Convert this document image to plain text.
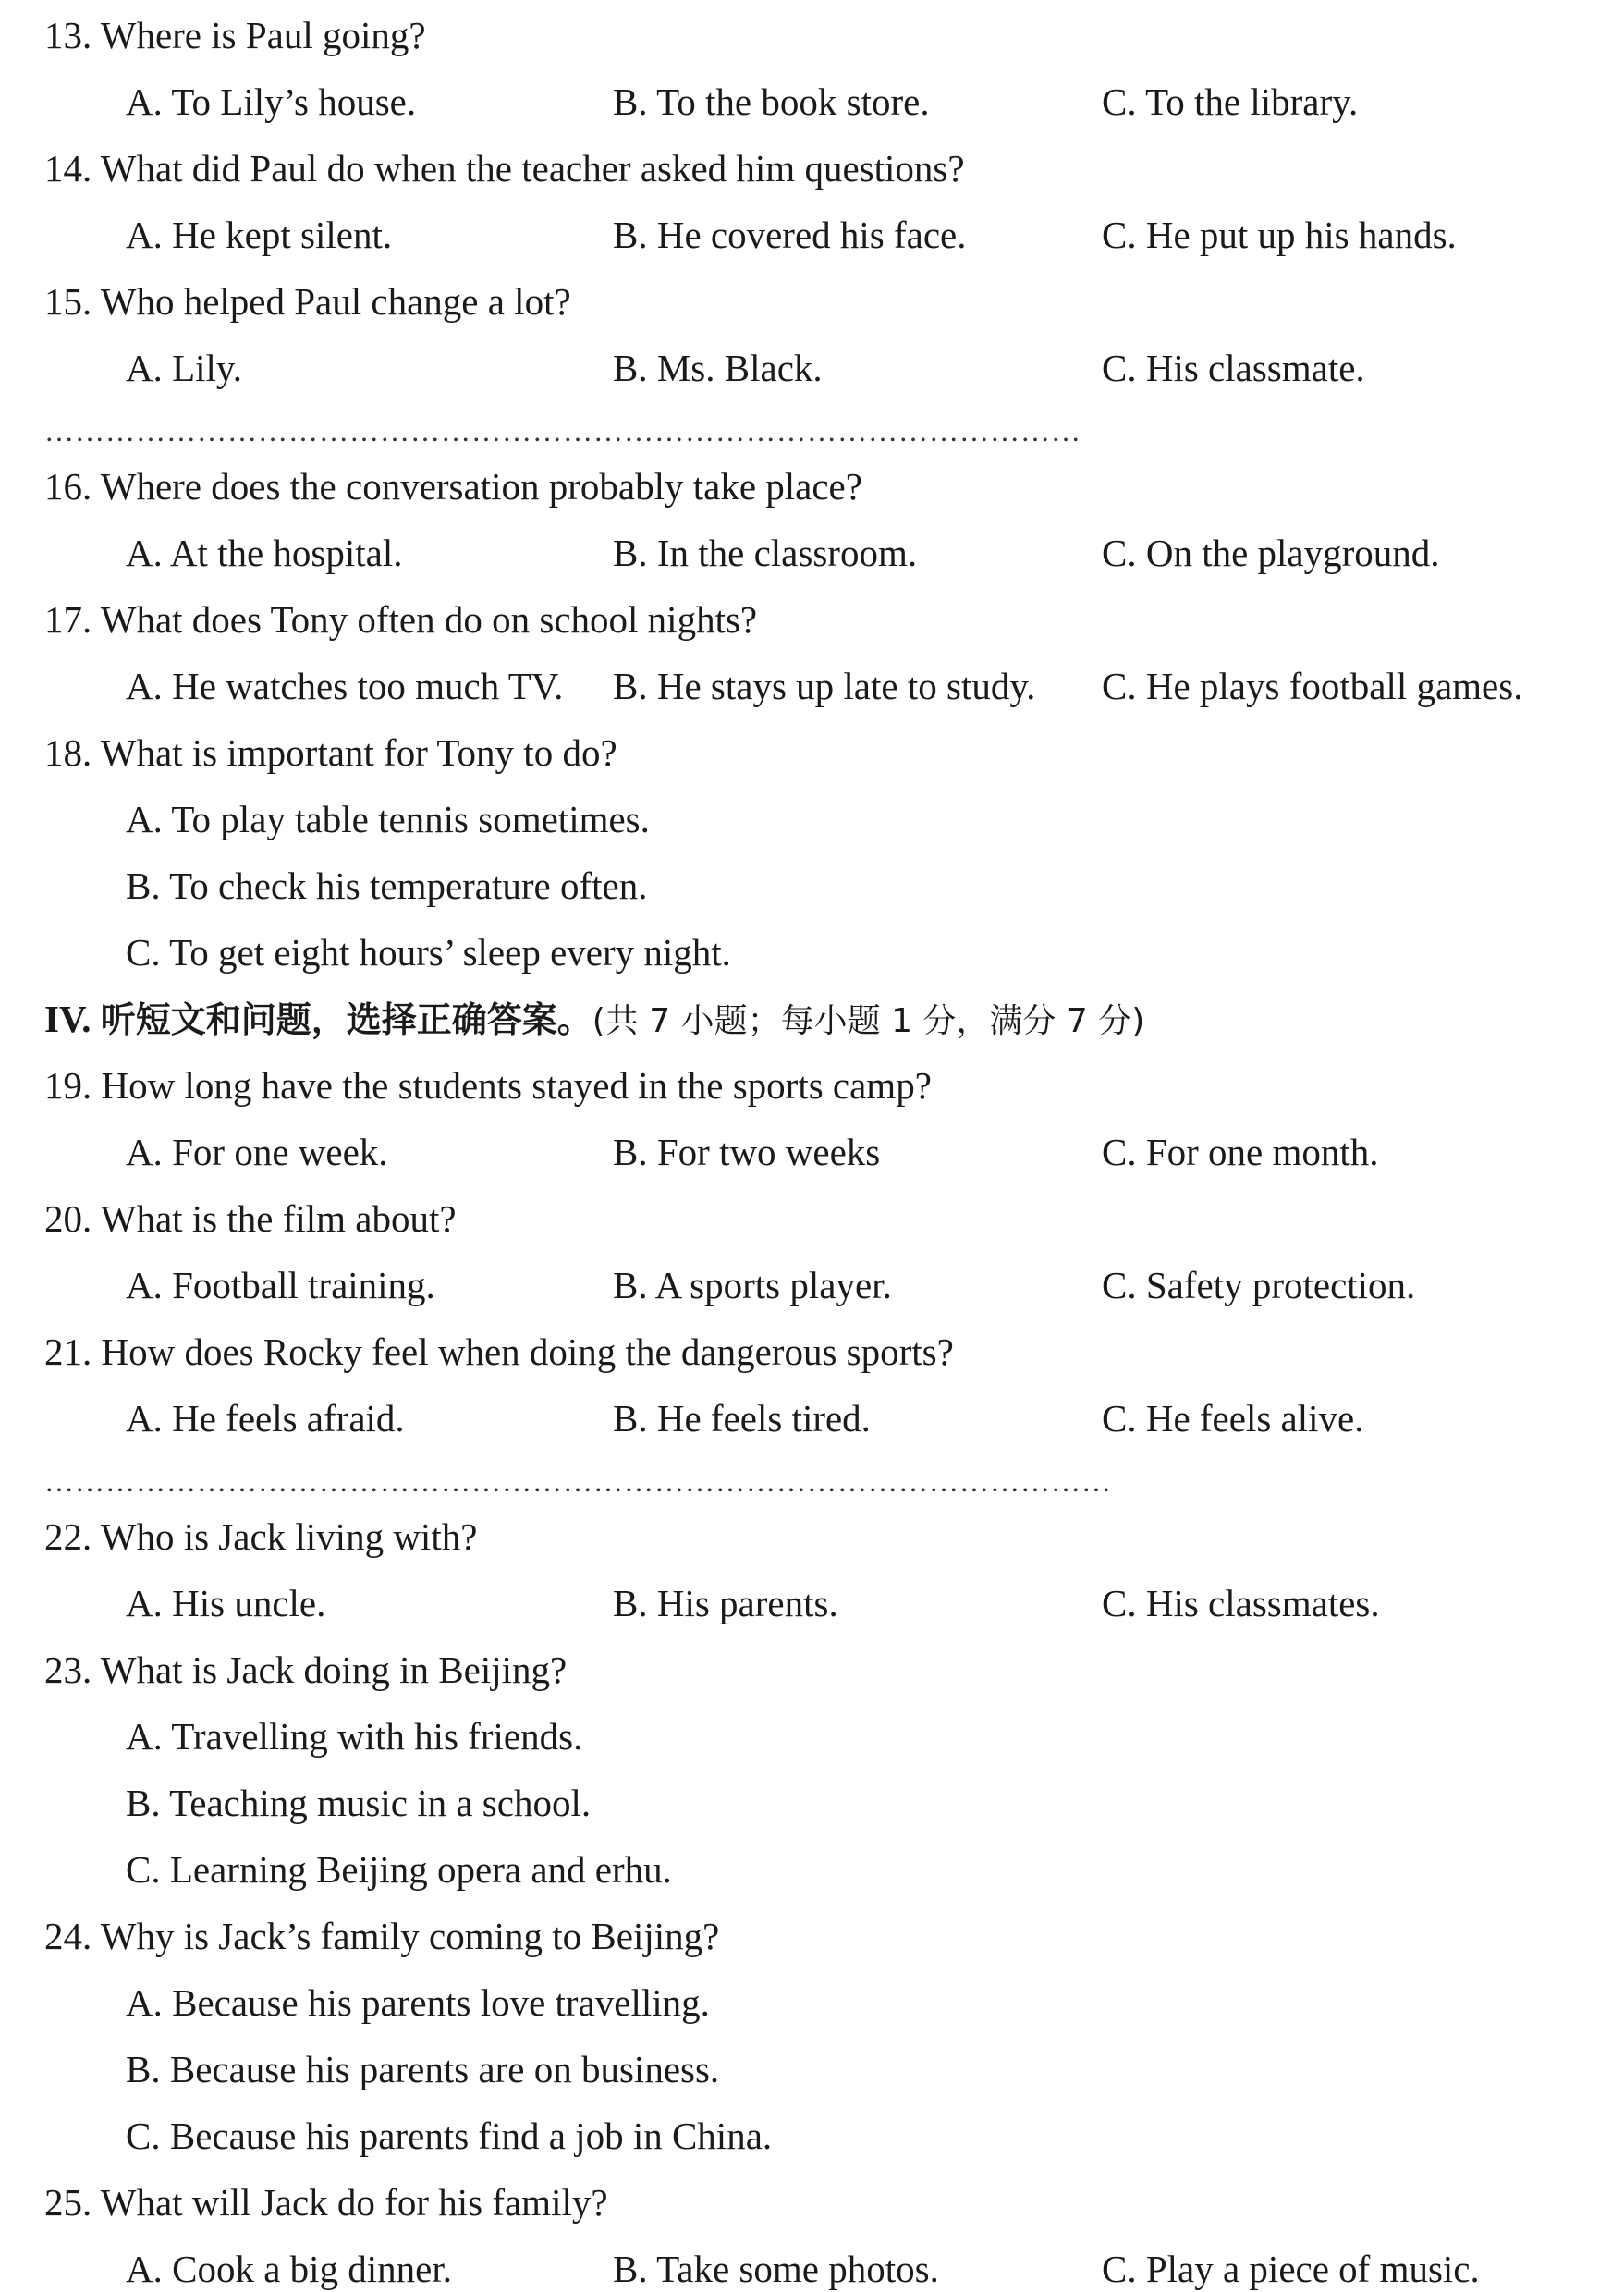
13. Where is Paul going?
A. To Lily’s house.	B. To the book store.	C. To the library.
14. What did Paul do when the teacher asked him questions?
A. He kept silent.	B. He covered his face.	C. He put up his hands.
15. Who helped Paul change a lot?
A. Lily.	B. Ms. Black.	C. His classmate.
…………………………………………………………………………………………
16. Where does the conversation probably take place?
A. At the hospital.	B. In the classroom.	C. On the playground.
17. What does Tony often do on school nights?
A. He watches too much TV. B. He stays up late to study. C. He plays football games.
18. What is important for Tony to do?
A. To play table tennis sometimes.
B. To check his temperature often.
C. To get eight hours’ sleep every night.
IV. 听短文和问题，选择正确答案。(共 7 小题；每小题 1 分，满分 7 分)
19. How long have the students stayed in the sports camp?
A. For one week.	B. For two weeks	C. For one month.
20. What is the film about?
A. Football training.	B. A sports player.	C. Safety protection.
21. How does Rocky feel when doing the dangerous sports?
A. He feels afraid.	B. He feels tired.	C. He feels alive.
……………………………………………………………………………………………
22. Who is Jack living with?
A. His uncle.	B. His parents.	C. His classmates.
23. What is Jack doing in Beijing?
A. Travelling with his friends.
B. Teaching music in a school.
C. Learning Beijing opera and erhu.
24. Why is Jack’s family coming to Beijing?
A. Because his parents love travelling.
B. Because his parents are on business.
C. Because his parents find a job in China.
25. What will Jack do for his family?
A. Cook a big dinner.	B. Take some photos.	C. Play a piece of music.
